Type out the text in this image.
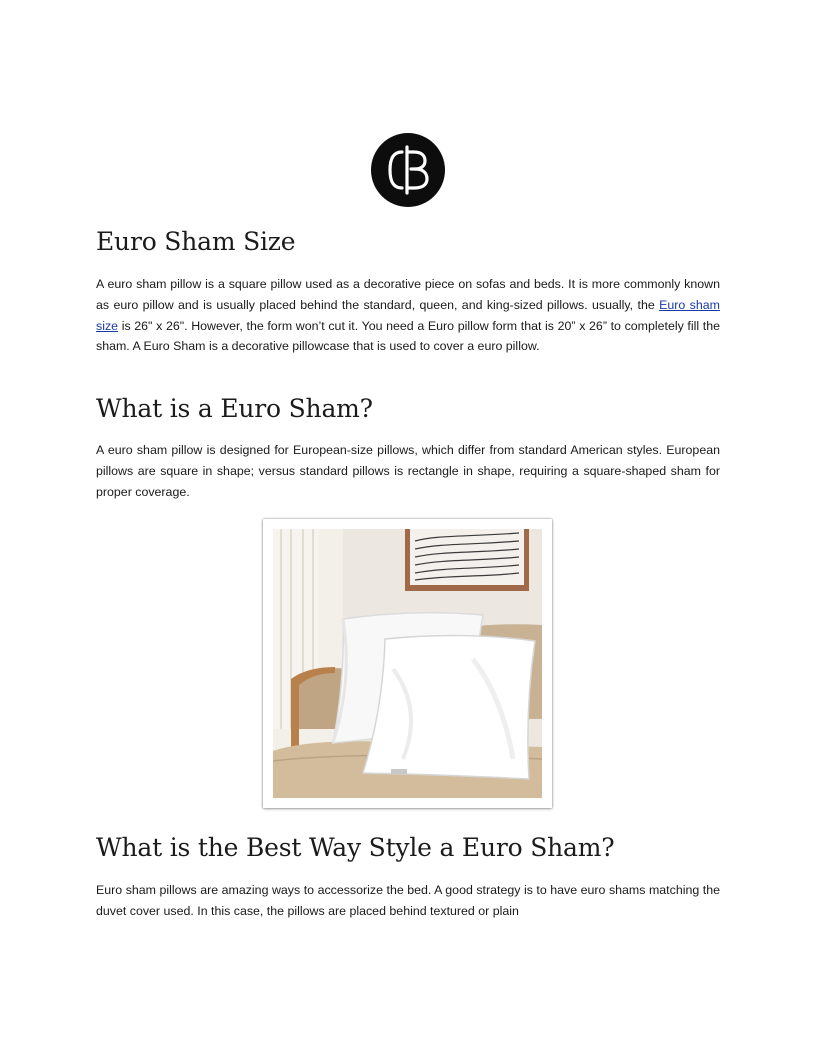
Euro Sham Size

A euro sham pillow is a square pillow used as a decorative piece on sofas and beds. It is more commonly known as euro pillow and is usually placed behind the standard, queen, and king-sized pillows. usually, the Euro sham size is 26" x 26". However, the form won’t cut it. You need a Euro pillow form that is 20” x 26” to completely fill the sham. A Euro Sham is a decorative pillowcase that is used to cover a euro pillow.

What is a Euro Sham?

A euro sham pillow is designed for European-size pillows, which differ from standard American styles. European pillows are square in shape; versus standard pillows is rectangle in shape, requiring a square-shaped sham for proper coverage.

What is the Best Way Style a Euro Sham?

Euro sham pillows are amazing ways to accessorize the bed. A good strategy is to have euro shams matching the duvet cover used. In this case, the pillows are placed behind textured or plain
